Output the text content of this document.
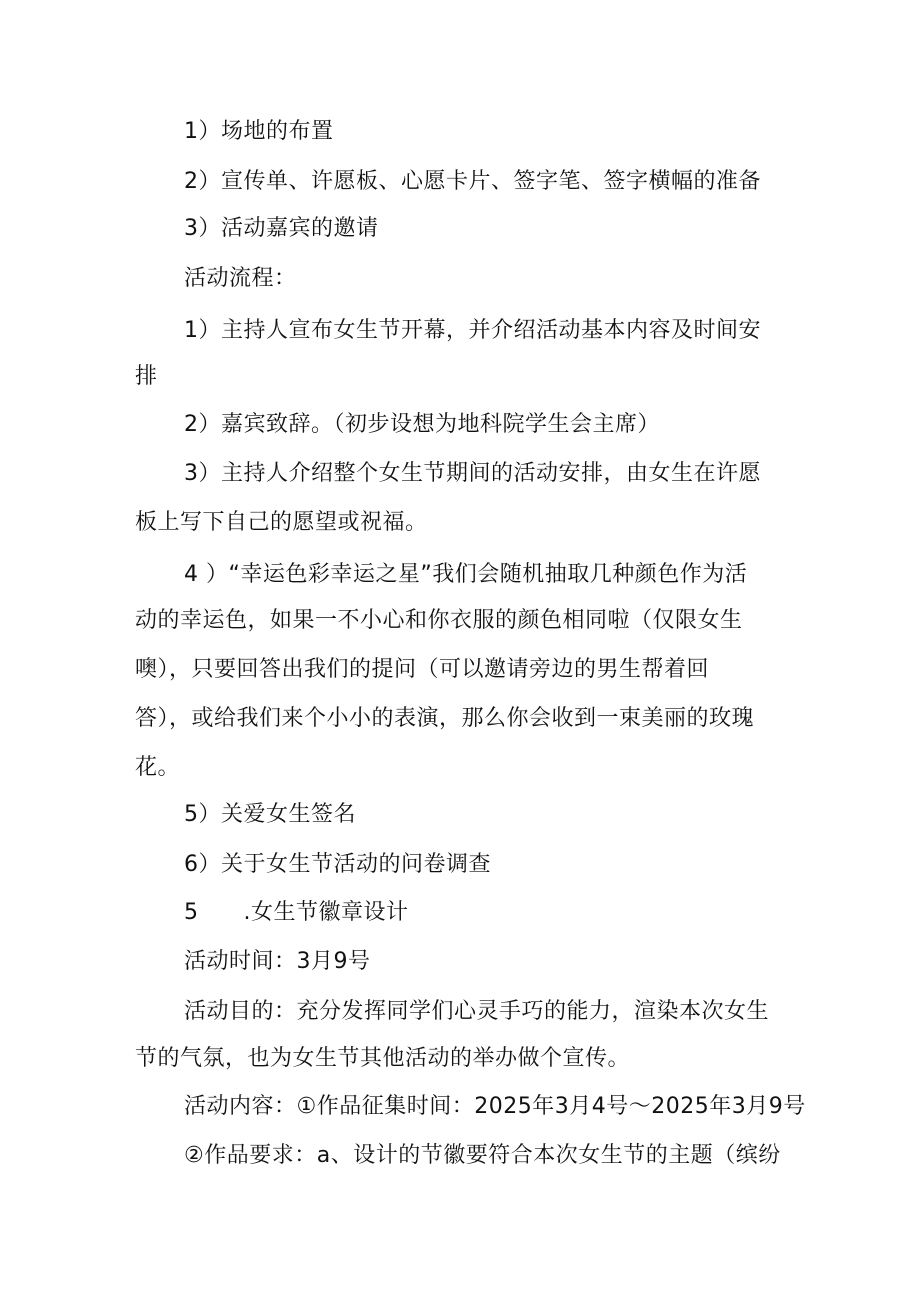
1）场地的布置
2）宣传单、许愿板、心愿卡片、签字笔、签字横幅的准备
3）活动嘉宾的邀请
活动流程：
1）主持人宣布女生节开幕，并介绍活动基本内容及时间安
排
2）嘉宾致辞。（初步设想为地科院学生会主席）
3）主持人介绍整个女生节期间的活动安排，由女生在许愿
板上写下自己的愿望或祝福。
4 ）“幸运色彩幸运之星”我们会随机抽取几种颜色作为活
动的幸运色，如果一不小心和你衣服的颜色相同啦（仅限女生
噢），只要回答出我们的提问（可以邀请旁边的男生帮着回
答），或给我们来个小小的表演，那么你会收到一束美丽的玫瑰
花。
5）关爱女生签名
6）关于女生节活动的问卷调查
5      .女生节徽章设计
活动时间：3月9号
活动目的：充分发挥同学们心灵手巧的能力，渲染本次女生
节的气氛，也为女生节其他活动的举办做个宣传。
活动内容：①作品征集时间：2025年3月4号～2025年3月9号
②作品要求：a、设计的节徽要符合本次女生节的主题（缤纷
